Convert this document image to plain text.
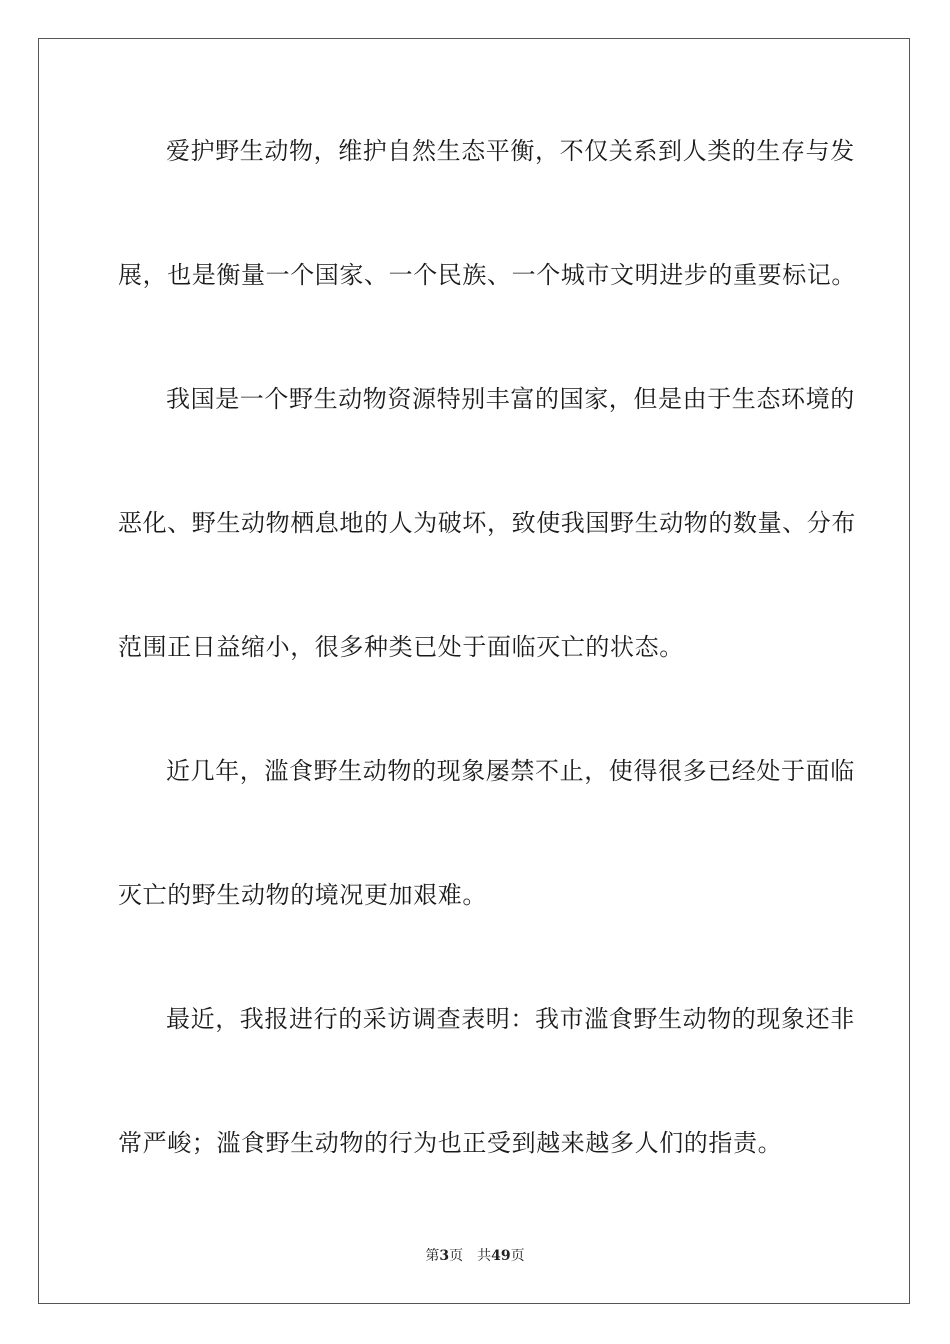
爱护野生动物，维护自然生态平衡，不仅关系到人类的生存与发
展，也是衡量一个国家、一个民族、一个城市文明进步的重要标记。
我国是一个野生动物资源特别丰富的国家，但是由于生态环境的
恶化、野生动物栖息地的人为破坏，致使我国野生动物的数量、分布
范围正日益缩小，很多种类已处于面临灭亡的状态。
近几年，滥食野生动物的现象屡禁不止，使得很多已经处于面临
灭亡的野生动物的境况更加艰难。
最近，我报进行的采访调查表明：我市滥食野生动物的现象还非
常严峻；滥食野生动物的行为也正受到越来越多人们的指责。
第3页 共49页
